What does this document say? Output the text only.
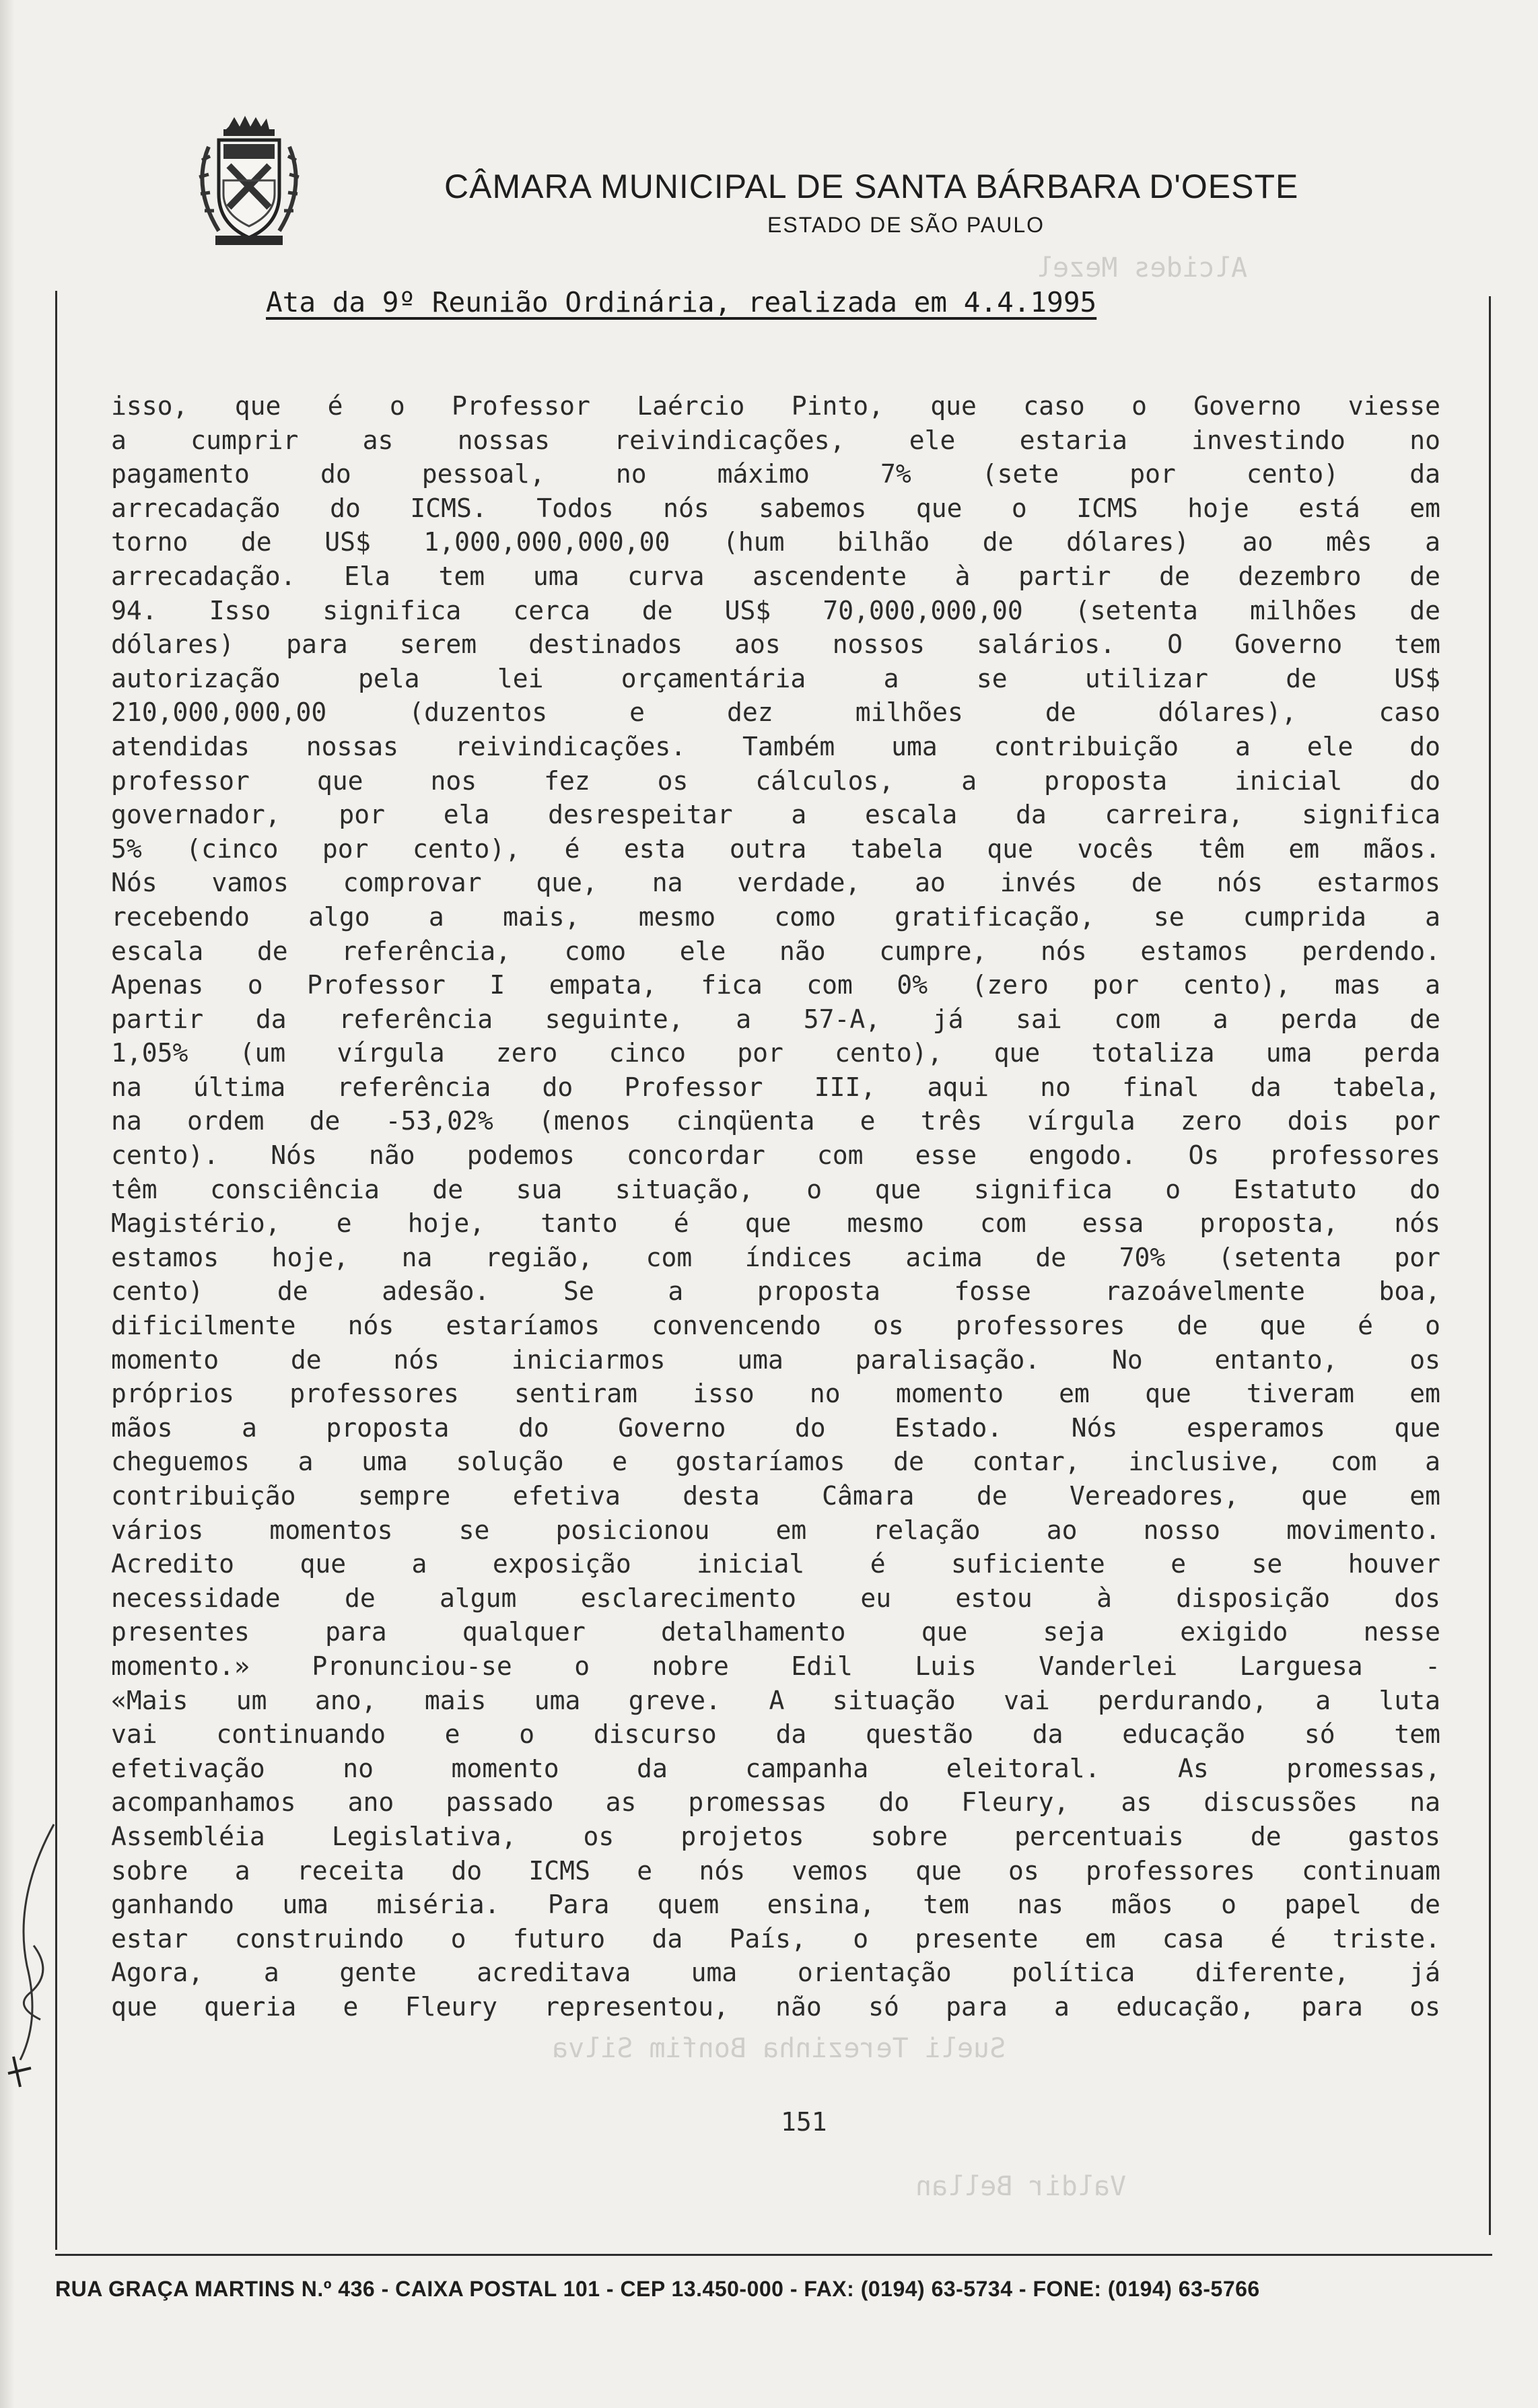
CÂMARA MUNICIPAL DE SANTA BÁRBARA D'OESTE
ESTADO DE SÃO PAULO
Alcides Mezel
Sueli Terezinha Bonfim Silva
Valdir Bellan
Ata da 9º Reunião Ordinária, realizada em 4.4.1995
isso, que é o Professor Laércio Pinto, que caso o Governo viesse
a cumprir as nossas reivindicações, ele estaria investindo no
pagamento do pessoal, no máximo 7% (sete por cento) da
arrecadação do ICMS. Todos nós sabemos que o ICMS hoje está em
torno de US$ 1,000,000,000,00 (hum bilhão de dólares) ao mês a
arrecadação. Ela tem uma curva ascendente à partir de dezembro de
94. Isso significa cerca de US$ 70,000,000,00 (setenta milhões de
dólares) para serem destinados aos nossos salários. O Governo tem
autorização pela lei orçamentária a se utilizar de US$
210,000,000,00 (duzentos e dez milhões de dólares), caso
atendidas nossas reivindicações. Também uma contribuição a ele do
professor que nos fez os cálculos, a proposta inicial do
governador, por ela desrespeitar a escala da carreira, significa
5% (cinco por cento), é esta outra tabela que vocês têm em mãos.
Nós vamos comprovar que, na verdade, ao invés de nós estarmos
recebendo algo a mais, mesmo como gratificação, se cumprida a
escala de referência, como ele não cumpre, nós estamos perdendo.
Apenas o Professor I empata, fica com 0% (zero por cento), mas a
partir da referência seguinte, a 57-A, já sai com a perda de
1,05% (um vírgula zero cinco por cento), que totaliza uma perda
na última referência do Professor III, aqui no final da tabela,
na ordem de -53,02% (menos cinqüenta e três vírgula zero dois por
cento). Nós não podemos concordar com esse engodo. Os professores
têm consciência de sua situação, o que significa o Estatuto do
Magistério, e hoje, tanto é que mesmo com essa proposta, nós
estamos hoje, na região, com índices acima de 70% (setenta por
cento) de adesão. Se a proposta fosse razoávelmente boa,
dificilmente nós estaríamos convencendo os professores de que é o
momento de nós iniciarmos uma paralisação. No entanto, os
próprios professores sentiram isso no momento em que tiveram em
mãos a proposta do Governo do Estado. Nós esperamos que
cheguemos a uma solução e gostaríamos de contar, inclusive, com a
contribuição sempre efetiva desta Câmara de Vereadores, que em
vários momentos se posicionou em relação ao nosso movimento.
Acredito que a exposição inicial é suficiente e se houver
necessidade de algum esclarecimento eu estou à disposição dos
presentes para qualquer detalhamento que seja exigido nesse
momento.» Pronunciou-se o nobre Edil Luis Vanderlei Larguesa -
«Mais um ano, mais uma greve. A situação vai perdurando, a luta
vai continuando e o discurso da questão da educação só tem
efetivação no momento da campanha eleitoral. As promessas,
acompanhamos ano passado as promessas do Fleury, as discussões na
Assembléia Legislativa, os projetos sobre percentuais de gastos
sobre a receita do ICMS e nós vemos que os professores continuam
ganhando uma miséria. Para quem ensina, tem nas mãos o papel de
estar construindo o futuro da País, o presente em casa é triste.
Agora, a gente acreditava uma orientação política diferente, já
que queria e Fleury representou, não só para a educação, para os
151
RUA GRAÇA MARTINS N.º 436 - CAIXA POSTAL 101 - CEP 13.450-000 - FAX: (0194) 63-5734 - FONE: (0194) 63-5766
